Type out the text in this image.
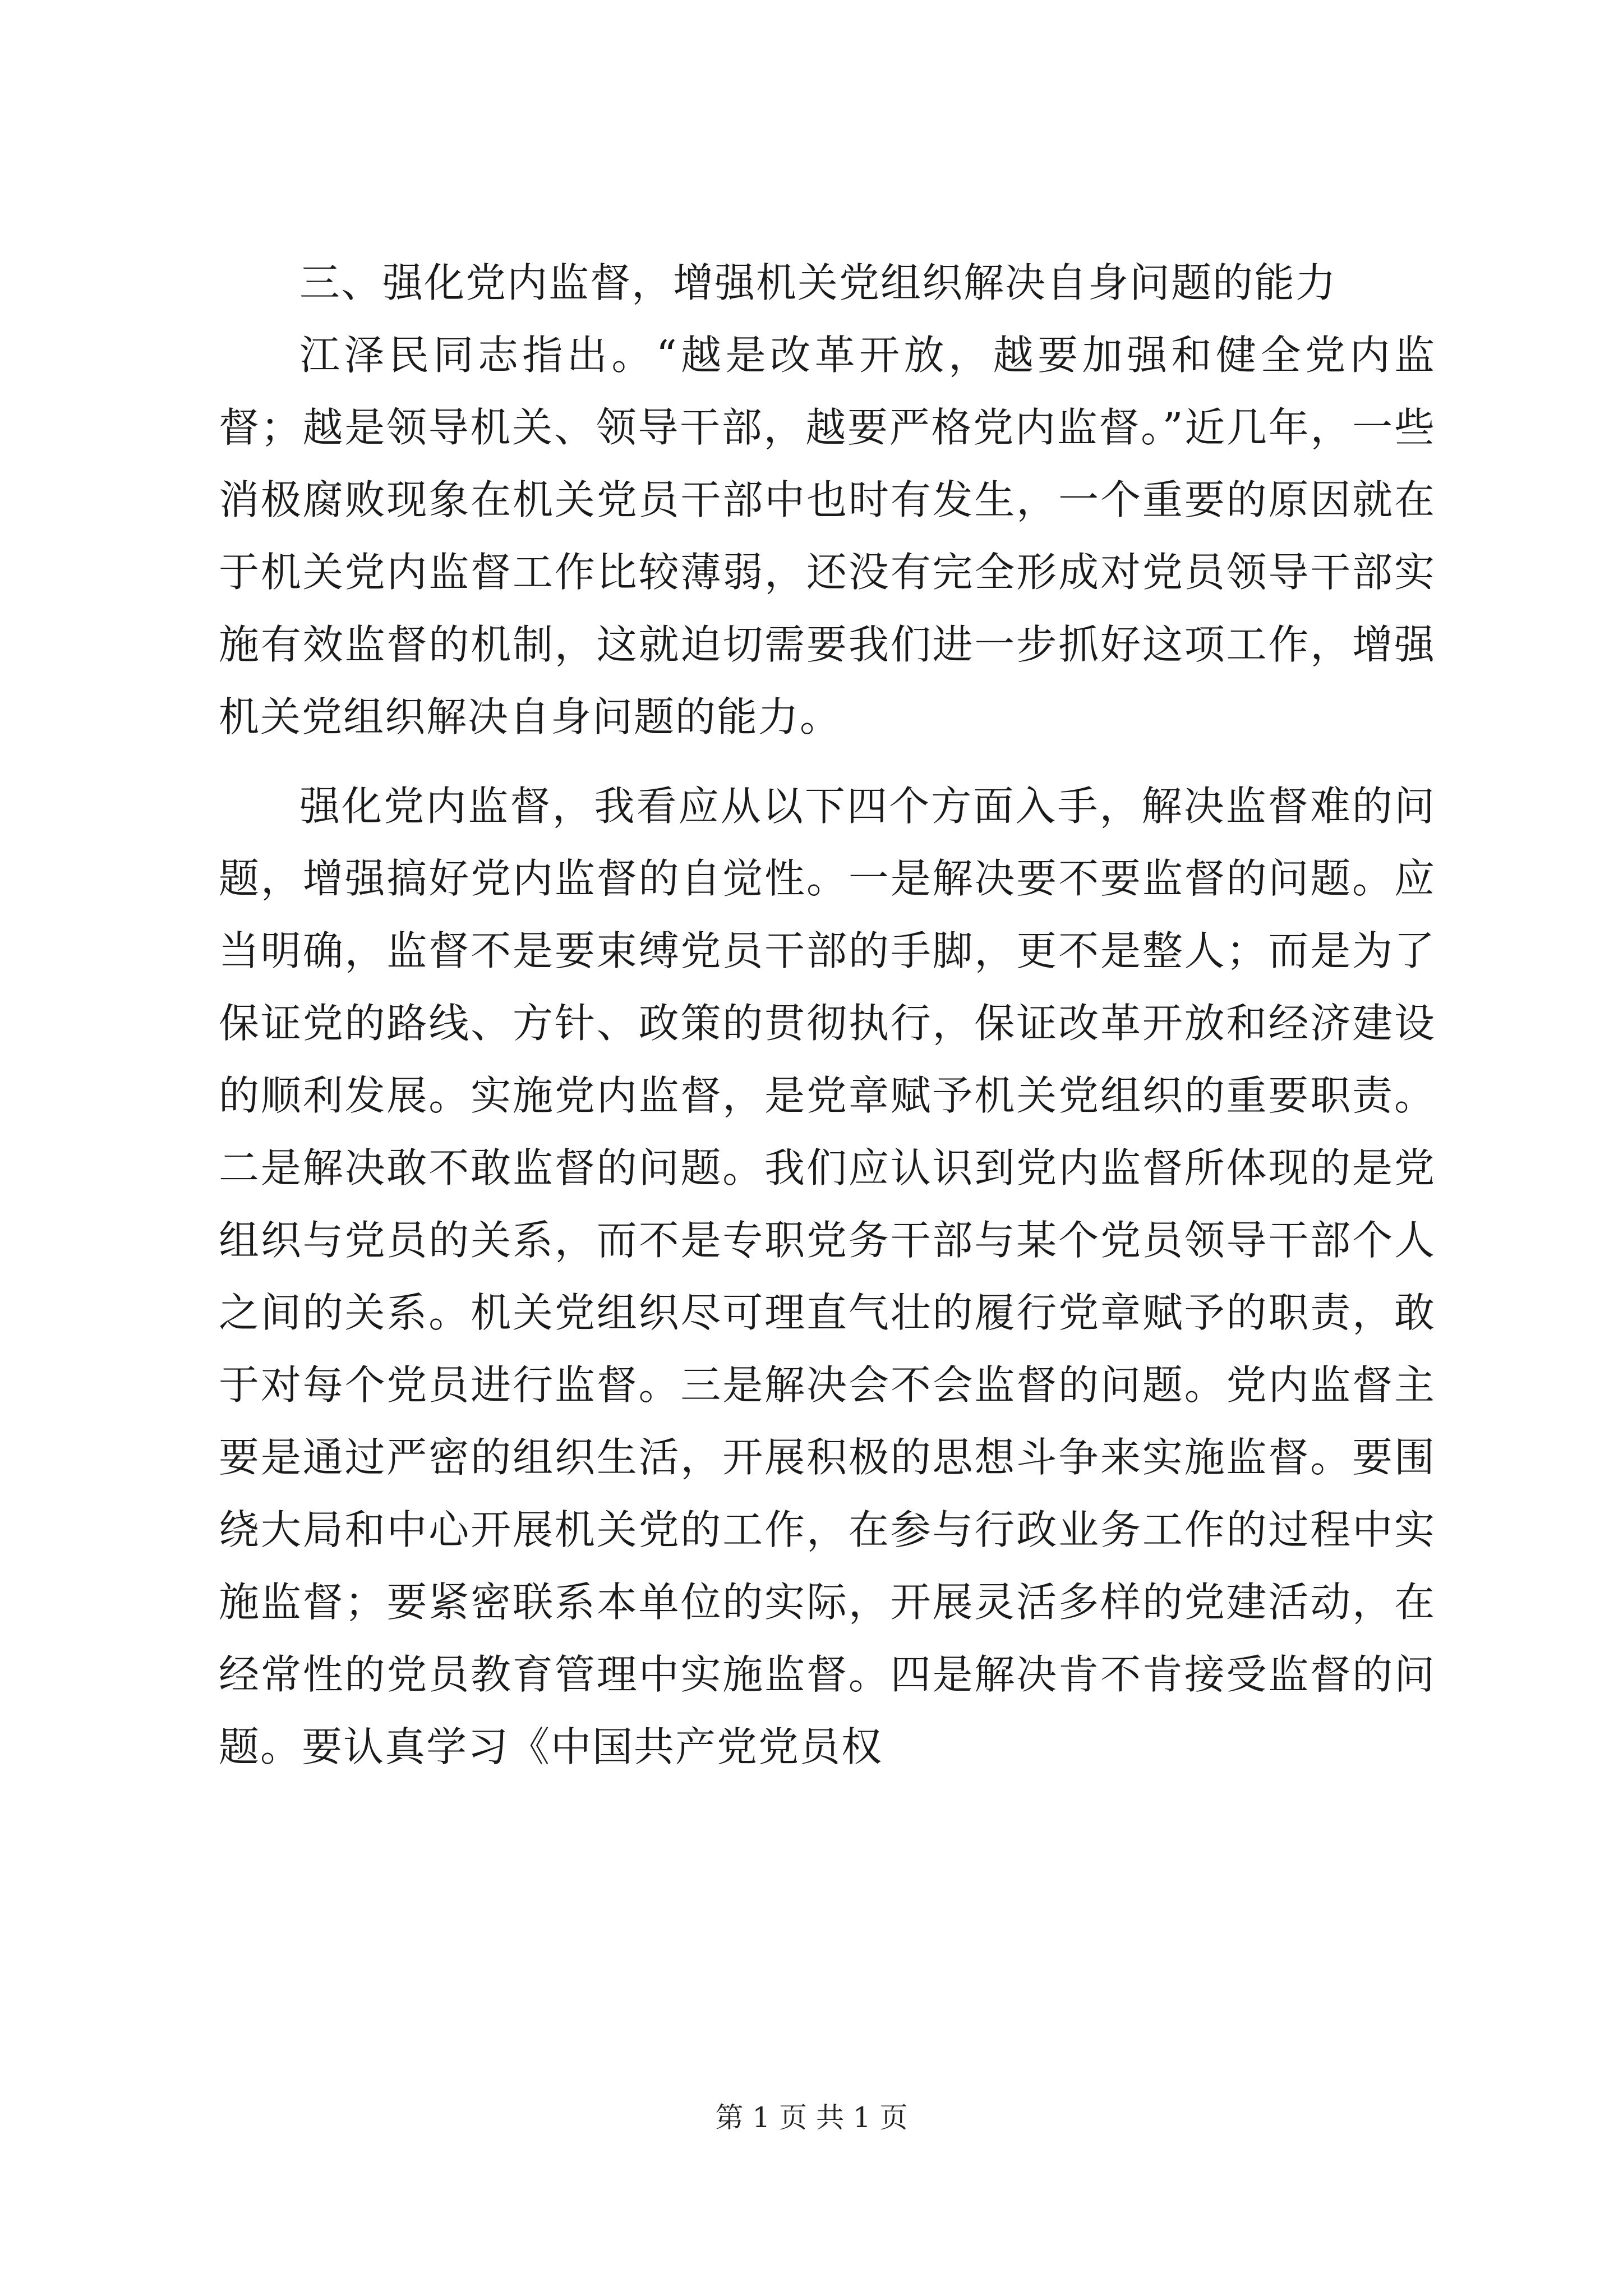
三、强化党内监督，增强机关党组织解决自身问题的能力

江泽民同志指出。“越是改革开放，越要加强和健全党内监督；越是领导机关、领导干部，越要严格党内监督。”近几年，一些消极腐败现象在机关党员干部中也时有发生，一个重要的原因就在于机关党内监督工作比较薄弱，还没有完全形成对党员领导干部实施有效监督的机制，这就迫切需要我们进一步抓好这项工作，增强机关党组织解决自身问题的能力。

强化党内监督，我看应从以下四个方面入手，解决监督难的问题，增强搞好党内监督的自觉性。一是解决要不要监督的问题。应当明确，监督不是要束缚党员干部的手脚，更不是整人；而是为了保证党的路线、方针、政策的贯彻执行，保证改革开放和经济建设的顺利发展。实施党内监督，是党章赋予机关党组织的重要职责。二是解决敢不敢监督的问题。我们应认识到党内监督所体现的是党组织与党员的关系，而不是专职党务干部与某个党员领导干部个人之间的关系。机关党组织尽可理直气壮的履行党章赋予的职责，敢于对每个党员进行监督。三是解决会不会监督的问题。党内监督主要是通过严密的组织生活，开展积极的思想斗争来实施监督。要围绕大局和中心开展机关党的工作，在参与行政业务工作的过程中实施监督；要紧密联系本单位的实际，开展灵活多样的党建活动，在经常性的党员教育管理中实施监督。四是解决肯不肯接受监督的问题。要认真学习《中国共产党党员权

第 1 页 共 1 页
